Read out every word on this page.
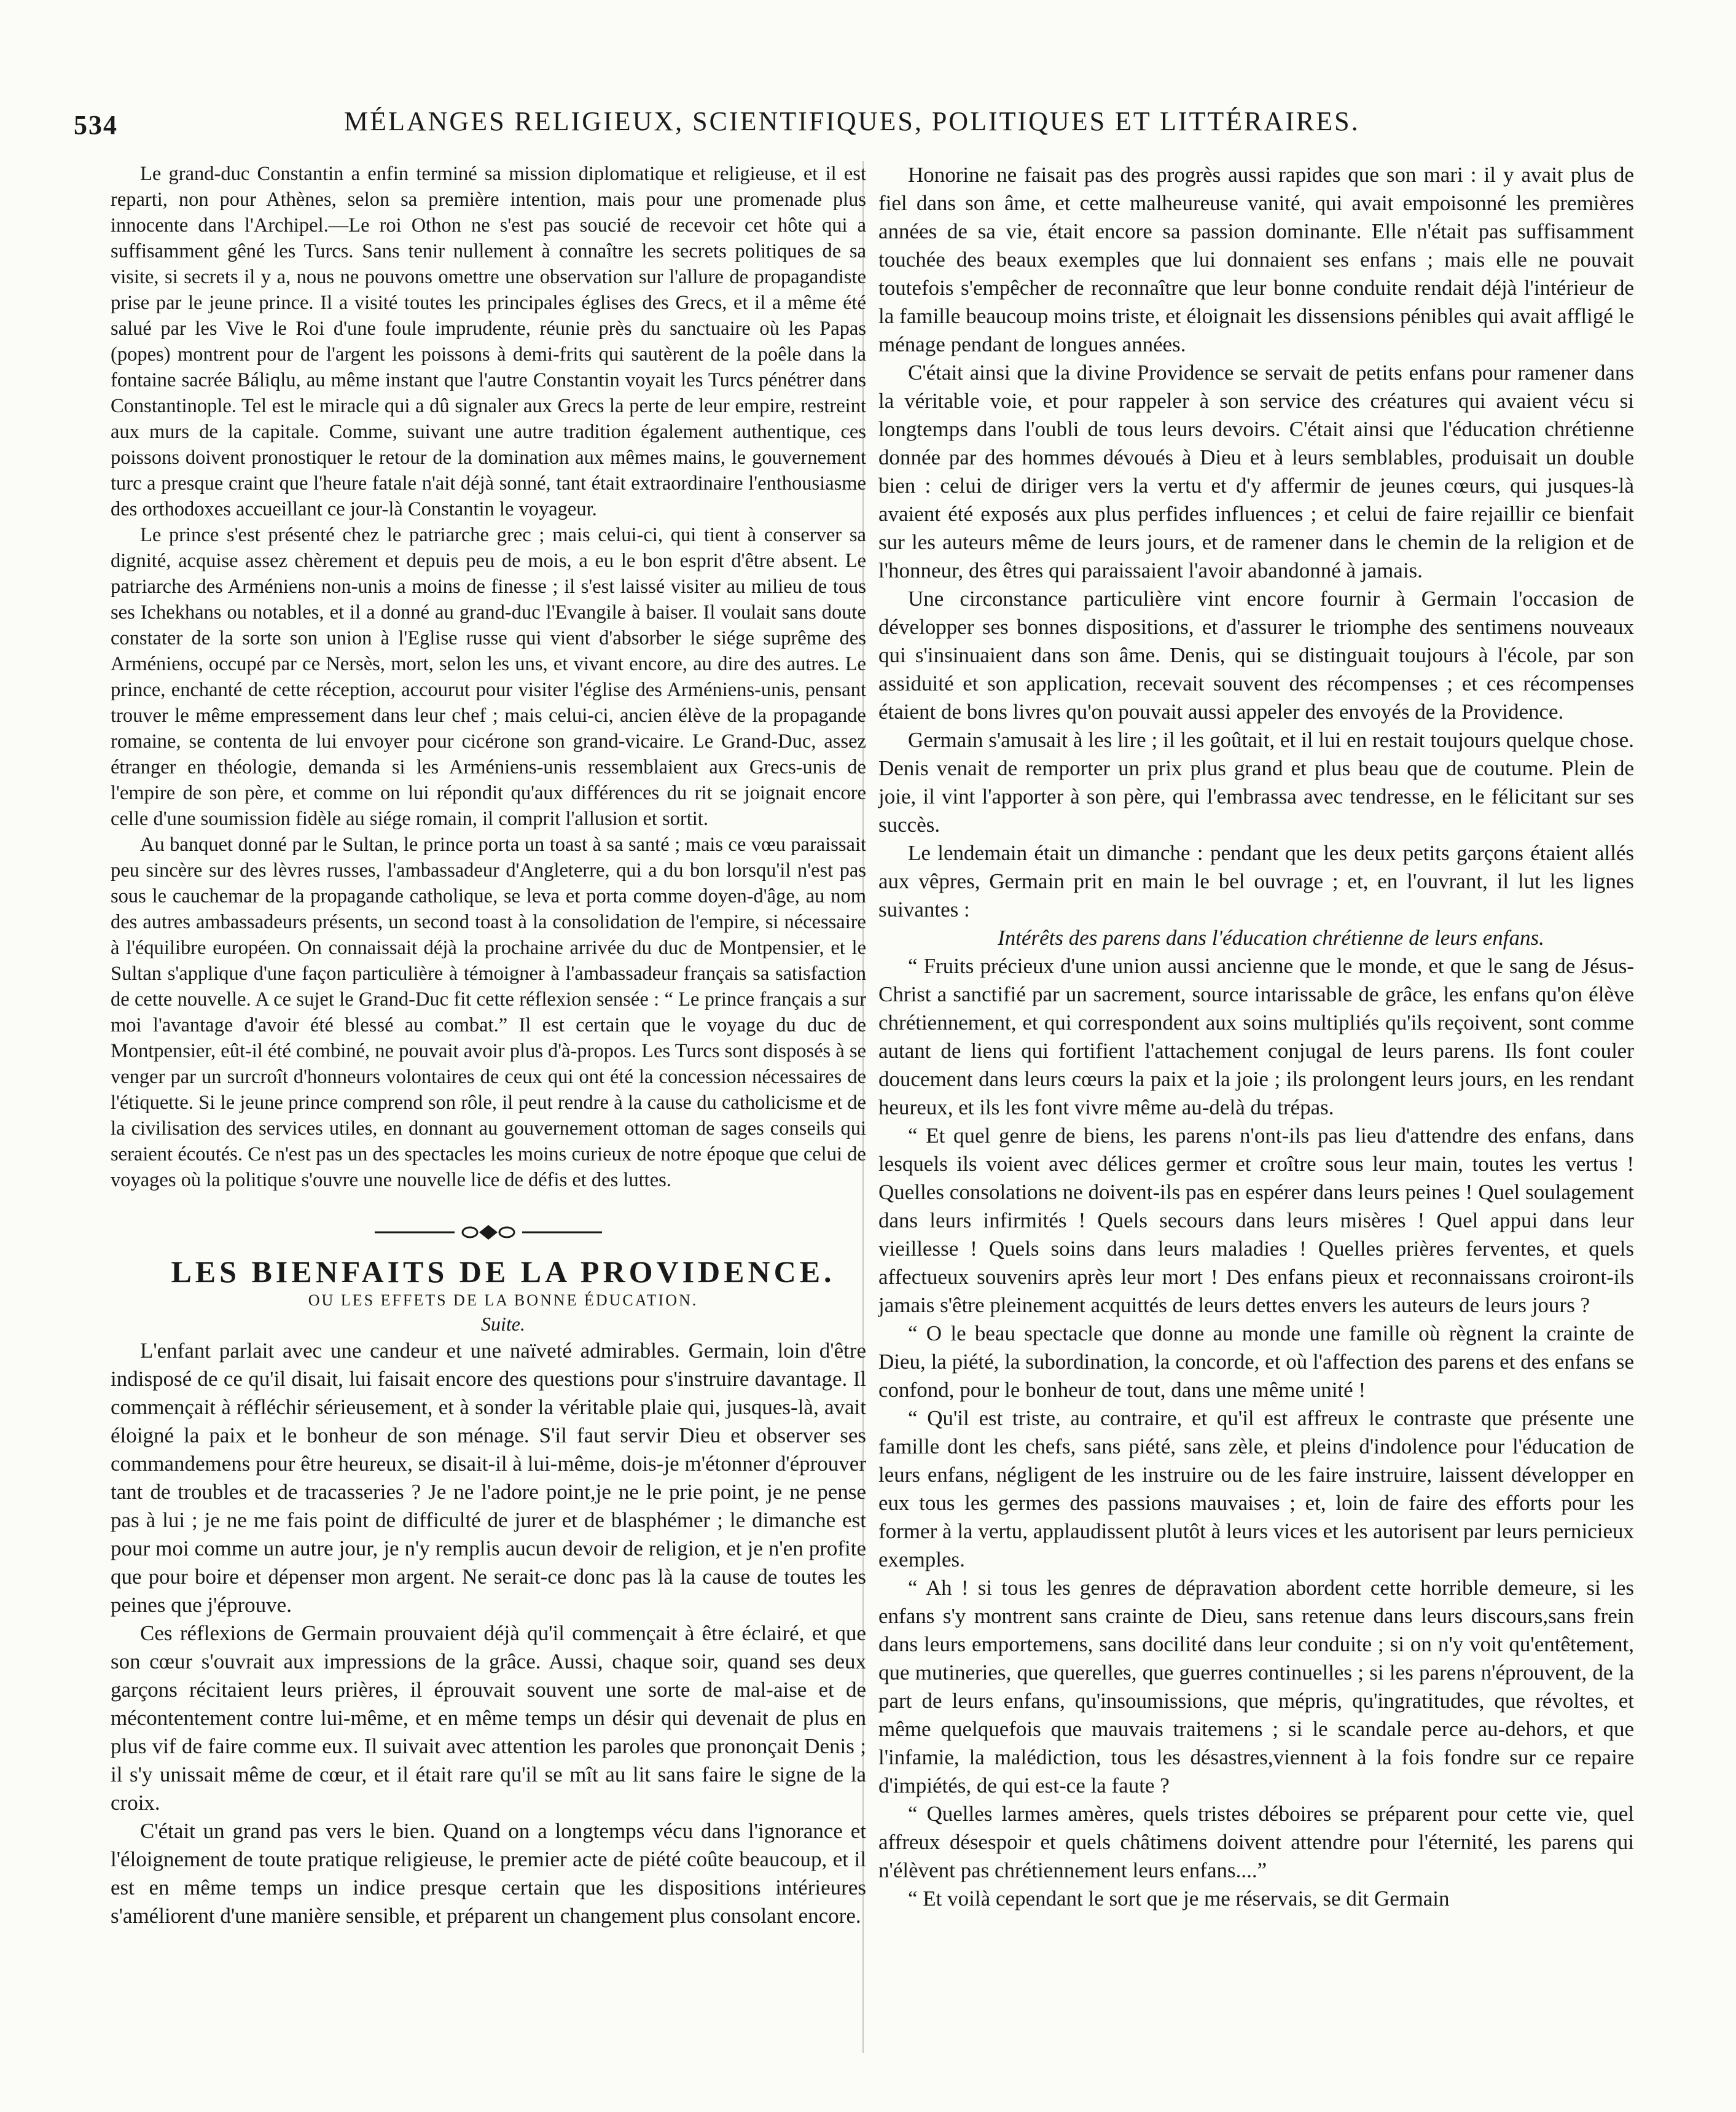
534	MÉLANGES RELIGIEUX, SCIENTIFIQUES, POLITIQUES ET LITTÉRAIRES.

Le grand-duc Constantin a enfin terminé sa mission diplomatique et religieuse, et il est reparti, non pour Athènes, selon sa première intention, mais pour une promenade plus innocente dans l'Archipel.—Le roi Othon ne s'est pas soucié de recevoir cet hôte qui a suffisamment gêné les Turcs. Sans tenir nullement à connaître les secrets politiques de sa visite, si secrets il y a, nous ne pouvons omettre une observation sur l'allure de propagandiste prise par le jeune prince. Il a visité toutes les principales églises des Grecs, et il a même été salué par les Vive le Roi d'une foule imprudente, réunie près du sanctuaire où les Papas (popes) montrent pour de l'argent les poissons à demi-frits qui sautèrent de la poêle dans la fontaine sacrée Báliqlu, au même instant que l'autre Constantin voyait les Turcs pénétrer dans Constantinople. Tel est le miracle qui a dû signaler aux Grecs la perte de leur empire, restreint aux murs de la capitale. Comme, suivant une autre tradition également authentique, ces poissons doivent pronostiquer le retour de la domination aux mêmes mains, le gouvernement turc a presque craint que l'heure fatale n'ait déjà sonné, tant était extraordinaire l'enthousiasme des orthodoxes accueillant ce jour-là Constantin le voyageur.

Le prince s'est présenté chez le patriarche grec ; mais celui-ci, qui tient à conserver sa dignité, acquise assez chèrement et depuis peu de mois, a eu le bon esprit d'être absent. Le patriarche des Arméniens non-unis a moins de finesse ; il s'est laissé visiter au milieu de tous ses Ichekhans ou notables, et il a donné au grand-duc l'Evangile à baiser. Il voulait sans doute constater de la sorte son union à l'Eglise russe qui vient d'absorber le siége suprême des Arméniens, occupé par ce Nersès, mort, selon les uns, et vivant encore, au dire des autres. Le prince, enchanté de cette réception, accourut pour visiter l'église des Arméniens-unis, pensant trouver le même empressement dans leur chef ; mais celui-ci, ancien élève de la propagande romaine, se contenta de lui envoyer pour cicérone son grand-vicaire. Le Grand-Duc, assez étranger en théologie, demanda si les Arméniens-unis ressemblaient aux Grecs-unis de l'empire de son père, et comme on lui répondit qu'aux différences du rit se joignait encore celle d'une soumission fidèle au siége romain, il comprit l'allusion et sortit.

Au banquet donné par le Sultan, le prince porta un toast à sa santé ; mais ce vœu paraissait peu sincère sur des lèvres russes, l'ambassadeur d'Angleterre, qui a du bon lorsqu'il n'est pas sous le cauchemar de la propagande catholique, se leva et porta comme doyen-d'âge, au nom des autres ambassadeurs présents, un second toast à la consolidation de l'empire, si nécessaire à l'équilibre européen. On connaissait déjà la prochaine arrivée du duc de Montpensier, et le Sultan s'applique d'une façon particulière à témoigner à l'ambassadeur français sa satisfaction de cette nouvelle. A ce sujet le Grand-Duc fit cette réflexion sensée : “ Le prince français a sur moi l'avantage d'avoir été blessé au combat.” Il est certain que le voyage du duc de Montpensier, eût-il été combiné, ne pouvait avoir plus d'à-propos. Les Turcs sont disposés à se venger par un surcroît d'honneurs volontaires de ceux qui ont été la concession nécessaires de l'étiquette. Si le jeune prince comprend son rôle, il peut rendre à la cause du catholicisme et de la civilisation des services utiles, en donnant au gouvernement ottoman de sages conseils qui seraient écoutés. Ce n'est pas un des spectacles les moins curieux de notre époque que celui de voyages où la politique s'ouvre une nouvelle lice de défis et des luttes.

LES BIENFAITS DE LA PROVIDENCE.

OU LES EFFETS DE LA BONNE ÉDUCATION.

Suite.

L'enfant parlait avec une candeur et une naïveté admirables. Germain, loin d'être indisposé de ce qu'il disait, lui faisait encore des questions pour s'instruire davantage. Il commençait à réfléchir sérieusement, et à sonder la véritable plaie qui, jusques-là, avait éloigné la paix et le bonheur de son ménage. S'il faut servir Dieu et observer ses commandemens pour être heureux, se disait-il à lui-même, dois-je m'étonner d'éprouver tant de troubles et de tracasseries ? Je ne l'adore point,je ne le prie point, je ne pense pas à lui ; je ne me fais point de difficulté de jurer et de blasphémer ; le dimanche est pour moi comme un autre jour, je n'y remplis aucun devoir de religion, et je n'en profite que pour boire et dépenser mon argent. Ne serait-ce donc pas là la cause de toutes les peines que j'éprouve.

Ces réflexions de Germain prouvaient déjà qu'il commençait à être éclairé, et que son cœur s'ouvrait aux impressions de la grâce. Aussi, chaque soir, quand ses deux garçons récitaient leurs prières, il éprouvait souvent une sorte de mal-aise et de mécontentement contre lui-même, et en même temps un désir qui devenait de plus en plus vif de faire comme eux. Il suivait avec attention les paroles que prononçait Denis ; il s'y unissait même de cœur, et il était rare qu'il se mît au lit sans faire le signe de la croix.

C'était un grand pas vers le bien. Quand on a longtemps vécu dans l'ignorance et l'éloignement de toute pratique religieuse, le premier acte de piété coûte beaucoup, et il est en même temps un indice presque certain que les dispositions intérieures s'améliorent d'une manière sensible, et préparent un changement plus consolant encore.

Honorine ne faisait pas des progrès aussi rapides que son mari : il y avait plus de fiel dans son âme, et cette malheureuse vanité, qui avait empoisonné les premières années de sa vie, était encore sa passion dominante. Elle n'était pas suffisamment touchée des beaux exemples que lui donnaient ses enfans ; mais elle ne pouvait toutefois s'empêcher de reconnaître que leur bonne conduite rendait déjà l'intérieur de la famille beaucoup moins triste, et éloignait les dissensions pénibles qui avait affligé le ménage pendant de longues années.

C'était ainsi que la divine Providence se servait de petits enfans pour ramener dans la véritable voie, et pour rappeler à son service des créatures qui avaient vécu si longtemps dans l'oubli de tous leurs devoirs. C'était ainsi que l'éducation chrétienne donnée par des hommes dévoués à Dieu et à leurs semblables, produisait un double bien : celui de diriger vers la vertu et d'y affermir de jeunes cœurs, qui jusques-là avaient été exposés aux plus perfides influences ; et celui de faire rejaillir ce bienfait sur les auteurs même de leurs jours, et de ramener dans le chemin de la religion et de l'honneur, des êtres qui paraissaient l'avoir abandonné à jamais.

Une circonstance particulière vint encore fournir à Germain l'occasion de développer ses bonnes dispositions, et d'assurer le triomphe des sentimens nouveaux qui s'insinuaient dans son âme. Denis, qui se distinguait toujours à l'école, par son assiduité et son application, recevait souvent des récompenses ; et ces récompenses étaient de bons livres qu'on pouvait aussi appeler des envoyés de la Providence.

Germain s'amusait à les lire ; il les goûtait, et il lui en restait toujours quelque chose. Denis venait de remporter un prix plus grand et plus beau que de coutume. Plein de joie, il vint l'apporter à son père, qui l'embrassa avec tendresse, en le félicitant sur ses succès.

Le lendemain était un dimanche : pendant que les deux petits garçons étaient allés aux vêpres, Germain prit en main le bel ouvrage ; et, en l'ouvrant, il lut les lignes suivantes :

Intérêts des parens dans l'éducation chrétienne de leurs enfans.

“ Fruits précieux d'une union aussi ancienne que le monde, et que le sang de Jésus-Christ a sanctifié par un sacrement, source intarissable de grâce, les enfans qu'on élève chrétiennement, et qui correspondent aux soins multipliés qu'ils reçoivent, sont comme autant de liens qui fortifient l'attachement conjugal de leurs parens. Ils font couler doucement dans leurs cœurs la paix et la joie ; ils prolongent leurs jours, en les rendant heureux, et ils les font vivre même au-delà du trépas.

“ Et quel genre de biens, les parens n'ont-ils pas lieu d'attendre des enfans, dans lesquels ils voient avec délices germer et croître sous leur main, toutes les vertus ! Quelles consolations ne doivent-ils pas en espérer dans leurs peines ! Quel soulagement dans leurs infirmités ! Quels secours dans leurs misères ! Quel appui dans leur vieillesse ! Quels soins dans leurs maladies ! Quelles prières ferventes, et quels affectueux souvenirs après leur mort ! Des enfans pieux et reconnaissans croiront-ils jamais s'être pleinement acquittés de leurs dettes envers les auteurs de leurs jours ?

“ O le beau spectacle que donne au monde une famille où règnent la crainte de Dieu, la piété, la subordination, la concorde, et où l'affection des parens et des enfans se confond, pour le bonheur de tout, dans une même unité !

“ Qu'il est triste, au contraire, et qu'il est affreux le contraste que présente une famille dont les chefs, sans piété, sans zèle, et pleins d'indolence pour l'éducation de leurs enfans, négligent de les instruire ou de les faire instruire, laissent développer en eux tous les germes des passions mauvaises ; et, loin de faire des efforts pour les former à la vertu, applaudissent plutôt à leurs vices et les autorisent par leurs pernicieux exemples.

“ Ah ! si tous les genres de dépravation abordent cette horrible demeure, si les enfans s'y montrent sans crainte de Dieu, sans retenue dans leurs discours,sans frein dans leurs emportemens, sans docilité dans leur conduite ; si on n'y voit qu'entêtement, que mutineries, que querelles, que guerres continuelles ; si les parens n'éprouvent, de la part de leurs enfans, qu'insoumissions, que mépris, qu'ingratitudes, que révoltes, et même quelquefois que mauvais traitemens ; si le scandale perce au-dehors, et que l'infamie, la malédiction, tous les désastres,viennent à la fois fondre sur ce repaire d'impiétés, de qui est-ce la faute ?

“ Quelles larmes amères, quels tristes déboires se préparent pour cette vie, quel affreux désespoir et quels châtimens doivent attendre pour l'éternité, les parens qui n'élèvent pas chrétiennement leurs enfans....”

“ Et voilà cependant le sort que je me réservais, se dit Germain
